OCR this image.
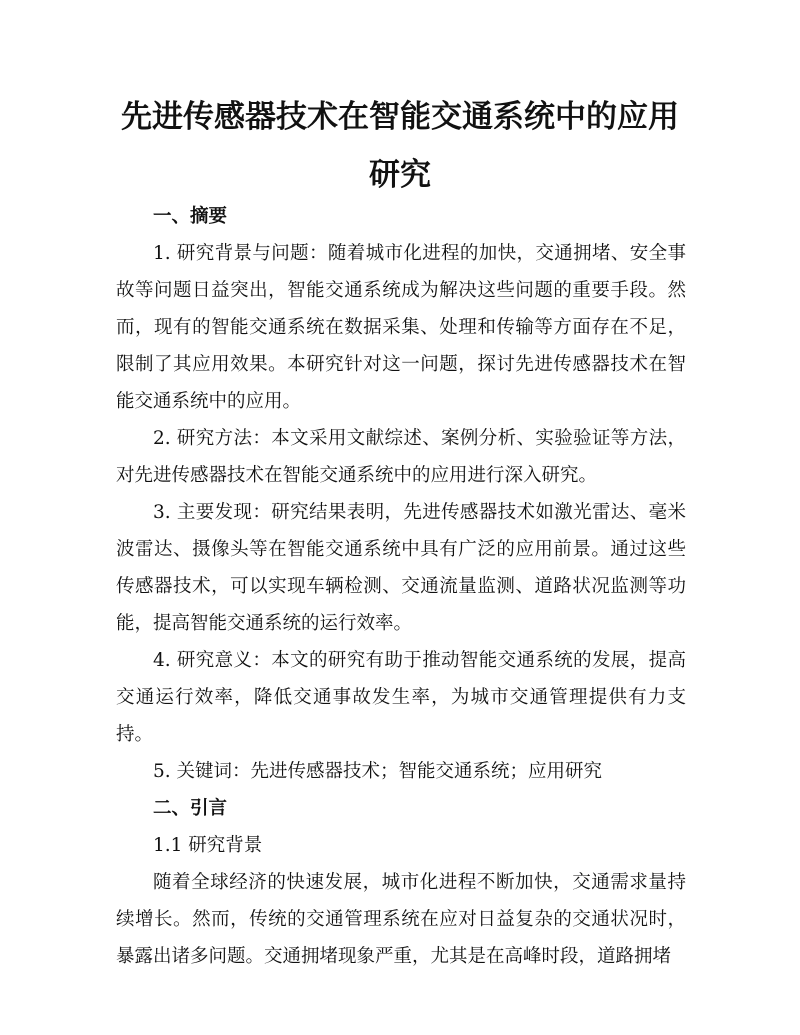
先进传感器技术在智能交通系统中的应用研究
一、摘要

1. 研究背景与问题：随着城市化进程的加快，交通拥堵、安全事故等问题日益突出，智能交通系统成为解决这些问题的重要手段。然而，现有的智能交通系统在数据采集、处理和传输等方面存在不足，限制了其应用效果。本研究针对这一问题，探讨先进传感器技术在智能交通系统中的应用。

2. 研究方法：本文采用文献综述、案例分析、实验验证等方法，对先进传感器技术在智能交通系统中的应用进行深入研究。

3. 主要发现：研究结果表明，先进传感器技术如激光雷达、毫米波雷达、摄像头等在智能交通系统中具有广泛的应用前景。通过这些传感器技术，可以实现车辆检测、交通流量监测、道路状况监测等功能，提高智能交通系统的运行效率。

4. 研究意义：本文的研究有助于推动智能交通系统的发展，提高交通运行效率，降低交通事故发生率，为城市交通管理提供有力支持。

5. 关键词：先进传感器技术；智能交通系统；应用研究

二、引言

1.1 研究背景

随着全球经济的快速发展，城市化进程不断加快，交通需求量持续增长。然而，传统的交通管理系统在应对日益复杂的交通状况时，暴露出诸多问题。交通拥堵现象严重，尤其是在高峰时段，道路拥堵
